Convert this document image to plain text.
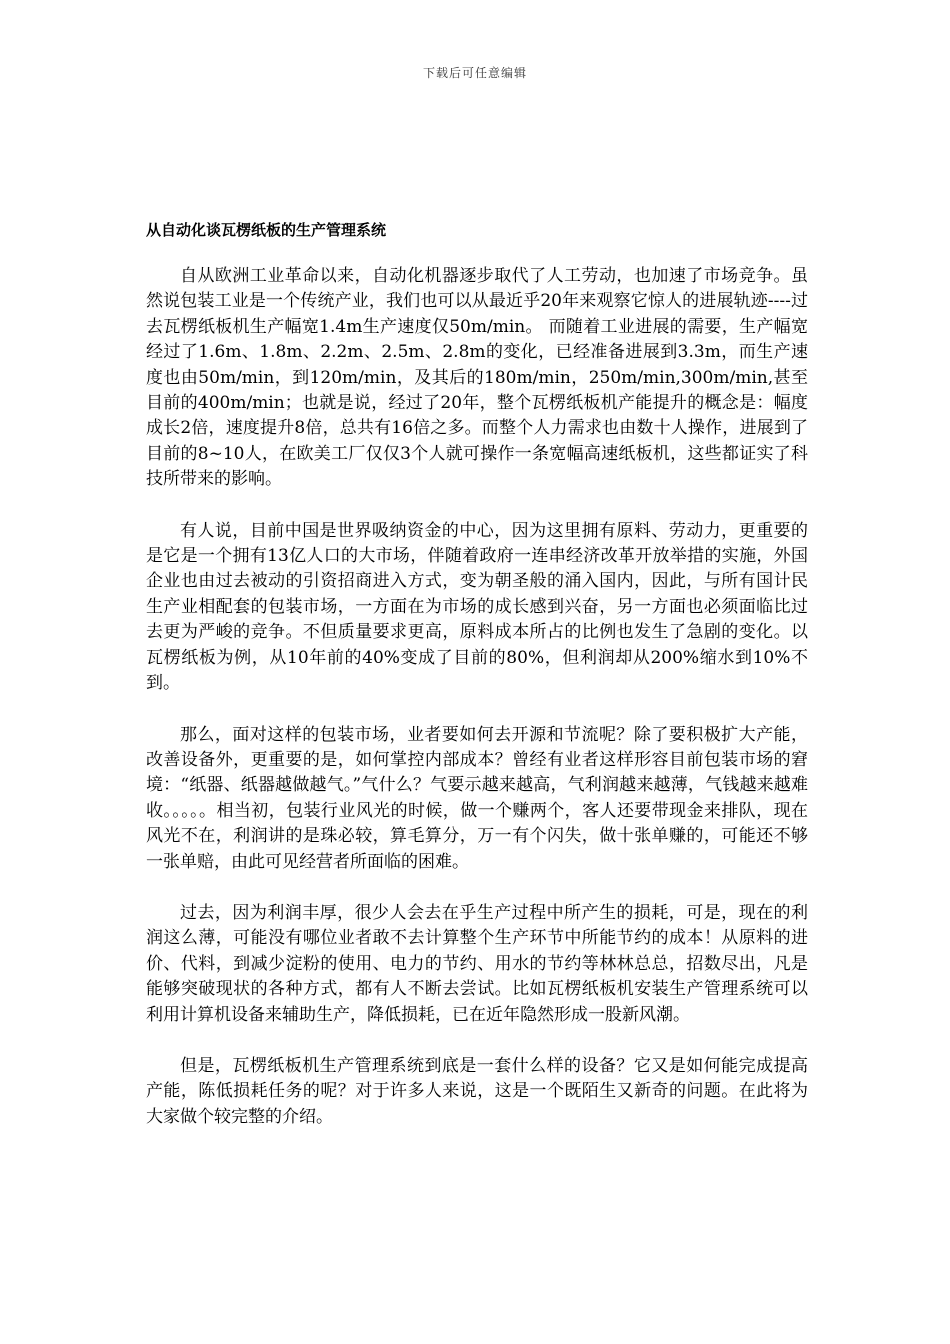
下载后可任意编辑
从自动化谈瓦楞纸板的生产管理系统

自从欧洲工业革命以来，自动化机器逐步取代了人工劳动，也加速了市场竞争。虽然说包装工业是一个传统产业，我们也可以从最近乎20年来观察它惊人的进展轨迹----过去瓦楞纸板机生产幅宽1.4m生产速度仅50m/min。 而随着工业进展的需要，生产幅宽经过了1.6m、1.8m、2.2m、2.5m、2.8m的变化，已经准备进展到3.3m，而生产速度也由50m/min，到120m/min，及其后的180m/min，250m/min,300m/min,甚至目前的400m/min；也就是说，经过了20年，整个瓦楞纸板机产能提升的概念是：幅度成长2倍，速度提升8倍，总共有16倍之多。而整个人力需求也由数十人操作，进展到了目前的8~10人，在欧美工厂仅仅3个人就可操作一条宽幅高速纸板机，这些都证实了科技所带来的影响。

有人说，目前中国是世界吸纳资金的中心，因为这里拥有原料、劳动力，更重要的是它是一个拥有13亿人口的大市场，伴随着政府一连串经济改革开放举措的实施，外国企业也由过去被动的引资招商进入方式，变为朝圣般的涌入国内，因此，与所有国计民生产业相配套的包装市场，一方面在为市场的成长感到兴奋，另一方面也必须面临比过去更为严峻的竞争。不但质量要求更高，原料成本所占的比例也发生了急剧的变化。以瓦楞纸板为例，从10年前的40%变成了目前的80%，但利润却从200%缩水到10%不到。

那么，面对这样的包装市场，业者要如何去开源和节流呢？除了要积极扩大产能，改善设备外，更重要的是，如何掌控内部成本？曾经有业者这样形容目前包装市场的窘境：“纸器、纸器越做越气。”气什么？气要示越来越高，气利润越来越薄，气钱越来越难收。。。。。相当初，包装行业风光的时候，做一个赚两个，客人还要带现金来排队，现在风光不在，利润讲的是珠必较，算毛算分，万一有个闪失，做十张单赚的，可能还不够一张单赔，由此可见经营者所面临的困难。

过去，因为利润丰厚，很少人会去在乎生产过程中所产生的损耗，可是，现在的利润这么薄，可能没有哪位业者敢不去计算整个生产环节中所能节约的成本！从原料的进价、代料，到减少淀粉的使用、电力的节约、用水的节约等林林总总，招数尽出，凡是能够突破现状的各种方式，都有人不断去尝试。比如瓦楞纸板机安装生产管理系统可以利用计算机设备来辅助生产，降低损耗，已在近年隐然形成一股新风潮。

但是，瓦楞纸板机生产管理系统到底是一套什么样的设备？它又是如何能完成提高产能，陈低损耗任务的呢？对于许多人来说，这是一个既陌生又新奇的问题。在此将为大家做个较完整的介绍。
